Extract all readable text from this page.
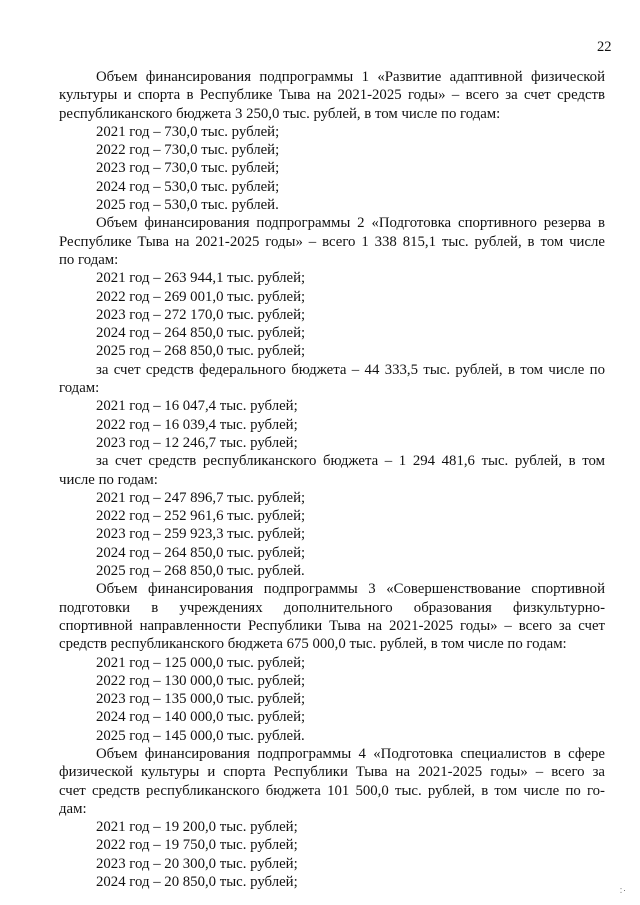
22
Объем финансирования подпрограммы 1 «Развитие адаптивной физической
культуры и спорта в Республике Тыва на 2021-2025 годы» – всего за счет средств
республиканского бюджета 3 250,0 тыс. рублей, в том числе по годам:
2021 год – 730,0 тыс. рублей;
2022 год – 730,0 тыс. рублей;
2023 год – 730,0 тыс. рублей;
2024 год – 530,0 тыс. рублей;
2025 год – 530,0 тыс. рублей.
Объем финансирования подпрограммы 2 «Подготовка спортивного резерва в
Республике Тыва на 2021-2025 годы» – всего 1 338 815,1 тыс. рублей, в том числе
по годам:
2021 год – 263 944,1 тыс. рублей;
2022 год – 269 001,0 тыс. рублей;
2023 год – 272 170,0 тыс. рублей;
2024 год – 264 850,0 тыс. рублей;
2025 год – 268 850,0 тыс. рублей;
за счет средств федерального бюджета – 44 333,5 тыс. рублей, в том числе по
годам:
2021 год – 16 047,4 тыс. рублей;
2022 год – 16 039,4 тыс. рублей;
2023 год – 12 246,7 тыс. рублей;
за счет средств республиканского бюджета – 1 294 481,6 тыс. рублей, в том
числе по годам:
2021 год – 247 896,7 тыс. рублей;
2022 год – 252 961,6 тыс. рублей;
2023 год – 259 923,3 тыс. рублей;
2024 год – 264 850,0 тыс. рублей;
2025 год – 268 850,0 тыс. рублей.
Объем финансирования подпрограммы 3 «Совершенствование спортивной
подготовки в учреждениях дополнительного образования физкультурно-
спортивной направленности Республики Тыва на 2021-2025 годы» – всего за счет
средств республиканского бюджета 675 000,0 тыс. рублей, в том числе по годам:
2021 год – 125 000,0 тыс. рублей;
2022 год – 130 000,0 тыс. рублей;
2023 год – 135 000,0 тыс. рублей;
2024 год – 140 000,0 тыс. рублей;
2025 год – 145 000,0 тыс. рублей.
Объем финансирования подпрограммы 4 «Подготовка специалистов в сфере
физической культуры и спорта Республики Тыва на 2021-2025 годы» – всего за
счет средств республиканского бюджета 101 500,0 тыс. рублей, в том числе по го-
дам:
2021 год – 19 200,0 тыс. рублей;
2022 год – 19 750,0 тыс. рублей;
2023 год – 20 300,0 тыс. рублей;
2024 год – 20 850,0 тыс. рублей;
∴
